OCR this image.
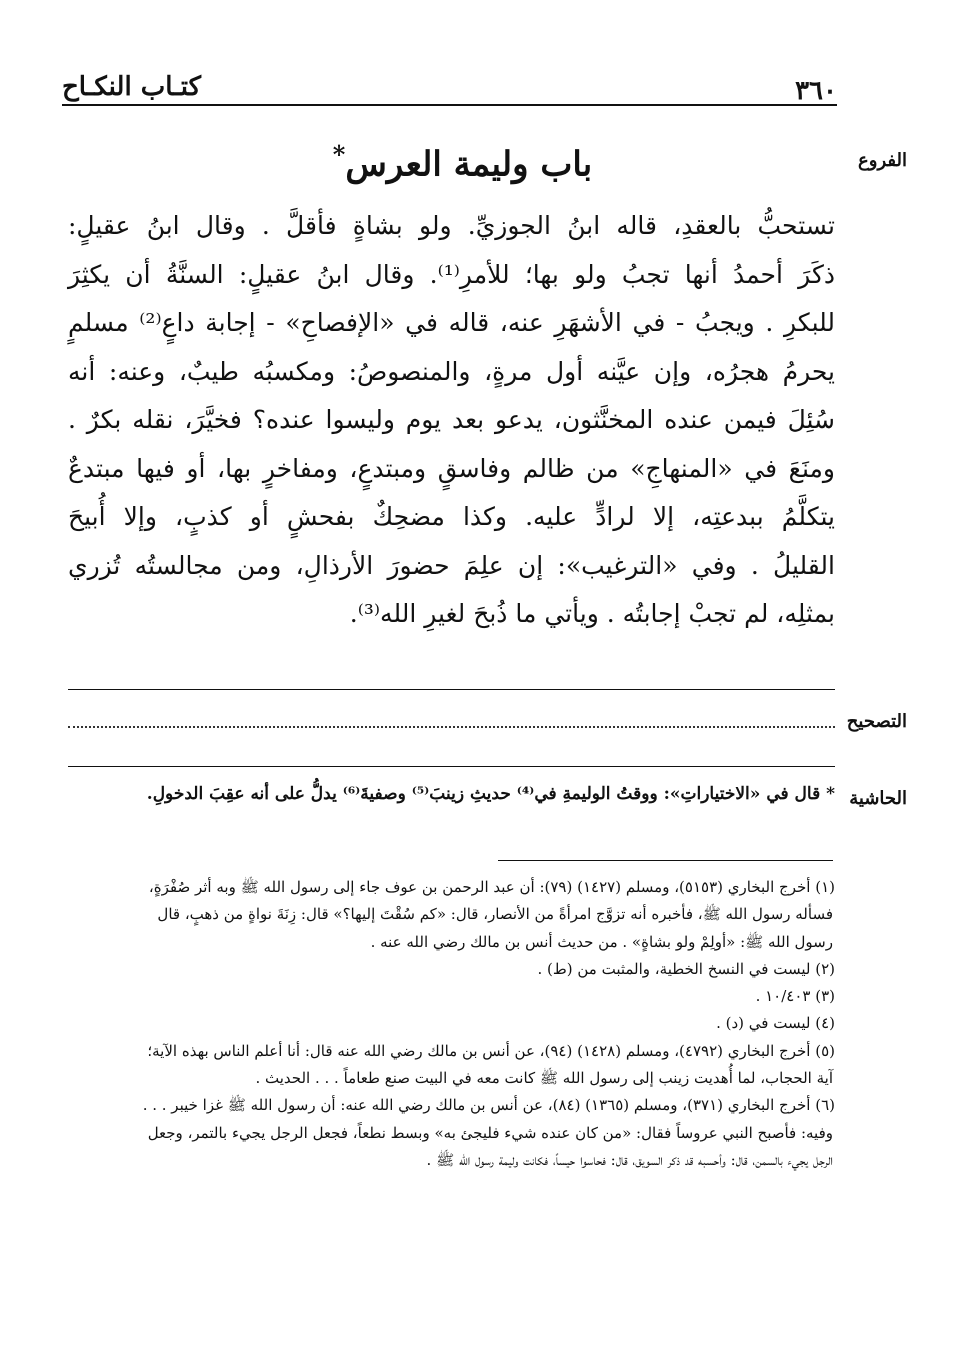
٣٦٠
كتـاب النكـاح
الفروع
باب وليمة العرس*

تستحبُّ بالعقدِ، قاله ابنُ الجوزيِّ. ولو بشاةٍ فأقلَّ . وقال ابنُ عقيلٍ:

ذكَرَ أحمدُ أنها تجبُ ولو بها؛ للأمرِ⁽¹⁾. وقال ابنُ عقيلٍ: السنَّةُ أن يكثِرَ

للبكرِ . ويجبُ - في الأشهَرِ عنه، قاله في «الإفصاحِ» - إجابة داعٍ⁽²⁾ مسلمٍ

يحرمُ هجرُه، وإن عيَّنه أول مرةٍ، والمنصوصُ: ومكسبُه طيبٌ، وعنه: أنه

سُئِلَ فيمن عنده المخنَّثون، يدعو بعد يوم وليسوا عنده؟ فخيَّرَ، نقله بكرٌ .

ومنَعَ في «المنهاجِ» من ظالم وفاسقٍ ومبتدعٍ، ومفاخرٍ بها، أو فيها مبتدعٌ

يتكلَّمُ ببدعتِه، إلا لرادٍّ عليه. وكذا مضحِكٌ بفحشٍ أو كذبٍ، وإلا أُبيحَ

القليلُ . وفي «الترغيب»: إن علِمَ حضورَ الأرذالِ، ومن مجالستُه تُزري

بمثلِه، لم تجبْ إجابتُه . ويأتي ما ذُبحَ لغيرِ الله⁽³⁾.

التصحيح
الحاشية
* قال في «الاختياراتِ»: ووقتُ الوليمةِ في⁽⁴⁾ حديثِ زينبَ⁽⁵⁾ وصفيةَ⁽⁶⁾ يدلُّ على أنه عقِبَ الدخولِ.

(١) أخرج البخاري (٥١٥٣)، ومسلم (١٤٢٧) (٧٩): أن عبد الرحمن بن عوف جاء إلى رسول الله ﷺ وبه أثر صُفْرَةٍ،

فسأله رسول الله ﷺ، فأخبره أنه تزوَّج امرأةً من الأنصار، قال: «كم سُقْتَ إليها؟» قال: زِنَةَ نواةٍ من ذهبٍ، قال

رسول الله ﷺ: «أولِمْ ولو بشاةٍ» . من حديث أنس بن مالك رضي الله عنه .

(٢) ليست في النسخ الخطية، والمثبت من (ط) .

(٣) ١٠/٤٠٣ .

(٤) ليست في (د) .

(٥) أخرج البخاري (٤٧٩٢)، ومسلم (١٤٢٨) (٩٤)، عن أنس بن مالك رضي الله عنه قال: أنا أعلم الناس بهذه الآية؛

آية الحجاب، لما أُهديت زينب إلى رسول الله ﷺ كانت معه في البيت صنع طعاماً . . . الحديث .

(٦) أخرج البخاري (٣٧١)، ومسلم (١٣٦٥) (٨٤)، عن أنس بن مالك رضي الله عنه: أن رسول الله ﷺ غزا خيبر . . .

وفيه: فأصبح النبي عروساً فقال: «من كان عنده شيء فليجئ به» وبسط نطعاً، فجعل الرجل يجيء بالتمر، وجعل

الرجل يجيء بالسمن، قال: وأحسبه قد ذكر السويق، قال: فحاسوا حيساً، فكانت وليمة رسول الله ﷺ .
